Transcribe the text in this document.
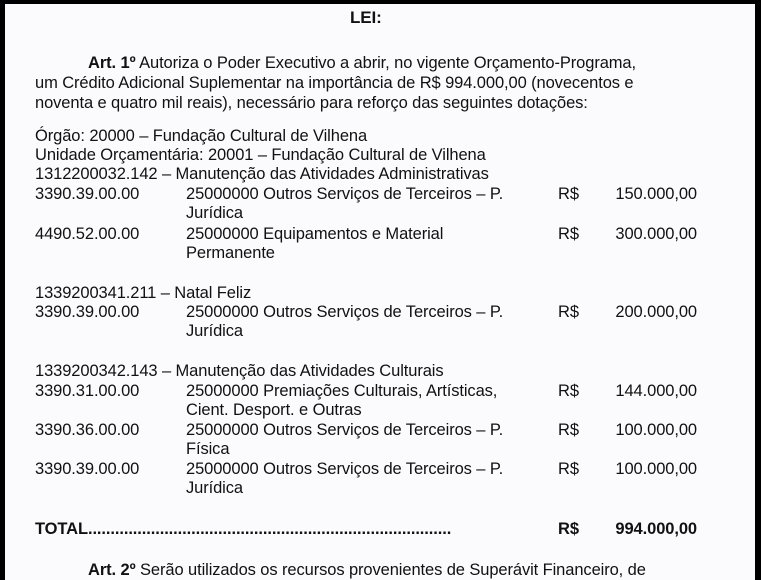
LEI:
Art. 1º Autoriza o Poder Executivo a abrir, no vigente Orçamento-Programa,
um Crédito Adicional Suplementar na importância de R$ 994.000,00 (novecentos e
noventa e quatro mil reais), necessário para reforço das seguintes dotações:
Órgão: 20000 – Fundação Cultural de Vilhena
Unidade Orçamentária: 20001 – Fundação Cultural de Vilhena
1312200032.142 – Manutenção das Atividades Administrativas
3390.39.00.00	25000000 Outros Serviços de Terceiros – P.
Jurídica
R$	150.000,00
4490.52.00.00	25000000 Equipamentos e Material
Permanente
R$	300.000,00
1339200341.211 – Natal Feliz
3390.39.00.00	25000000 Outros Serviços de Terceiros – P.
Jurídica
R$	200.000,00
1339200342.143 – Manutenção das Atividades Culturais
3390.31.00.00	25000000 Premiações Culturais, Artísticas,
Cient. Desport. e Outras
R$	144.000,00
3390.36.00.00	25000000 Outros Serviços de Terceiros – P.
Física
R$	100.000,00
3390.39.00.00	25000000 Outros Serviços de Terceiros – P.
Jurídica
R$	100.000,00
TOTAL.................................................................................	R$	994.000,00
Art. 2º Serão utilizados os recursos provenientes de Superávit Financeiro, de
